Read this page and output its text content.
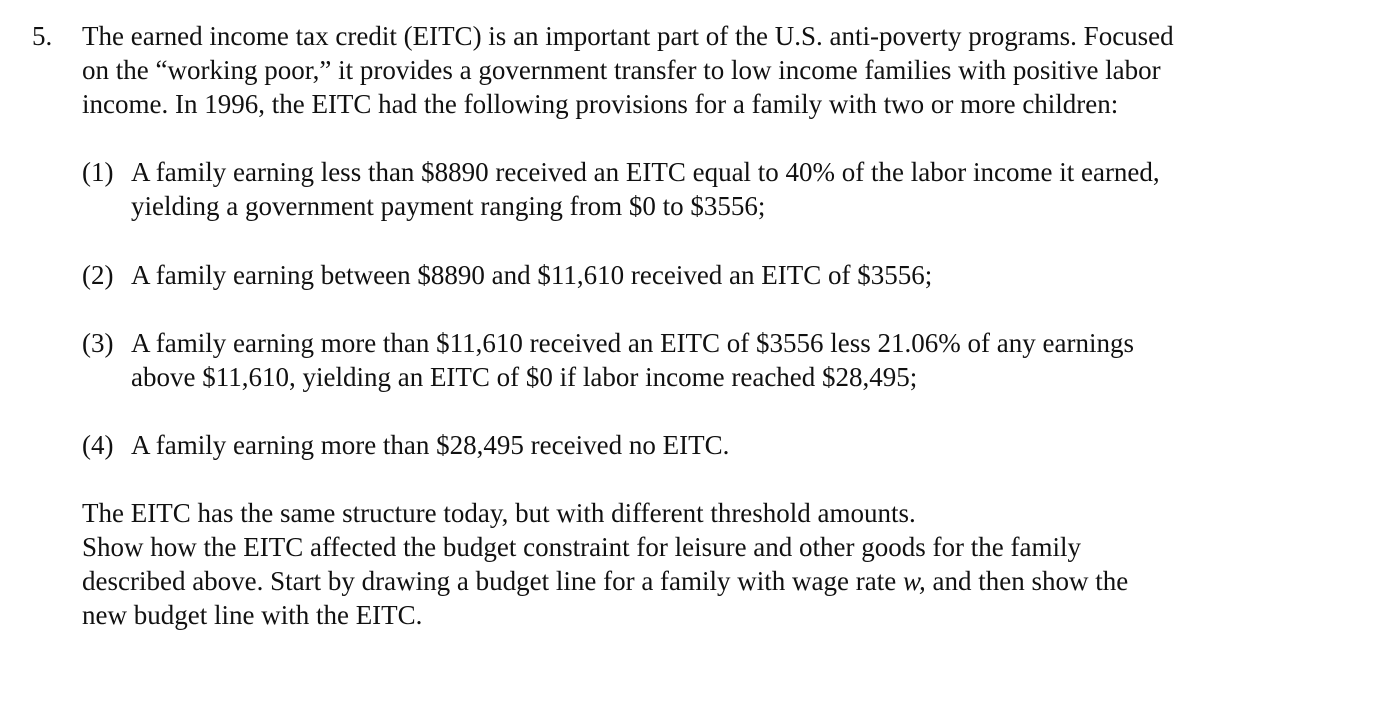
5. The earned income tax credit (EITC) is an important part of the U.S. anti-poverty programs. Focused
on the “working poor,” it provides a government transfer to low income families with positive labor
income. In 1996, the EITC had the following provisions for a family with two or more children:
(1) A family earning less than $8890 received an EITC equal to 40% of the labor income it earned,
yielding a government payment ranging from $0 to $3556;
(2) A family earning between $8890 and $11,610 received an EITC of $3556;
(3) A family earning more than $11,610 received an EITC of $3556 less 21.06% of any earnings
above $11,610, yielding an EITC of $0 if labor income reached $28,495;
(4) A family earning more than $28,495 received no EITC.
The EITC has the same structure today, but with different threshold amounts.
Show how the EITC affected the budget constraint for leisure and other goods for the family
described above. Start by drawing a budget line for a family with wage rate w, and then show the
new budget line with the EITC.
